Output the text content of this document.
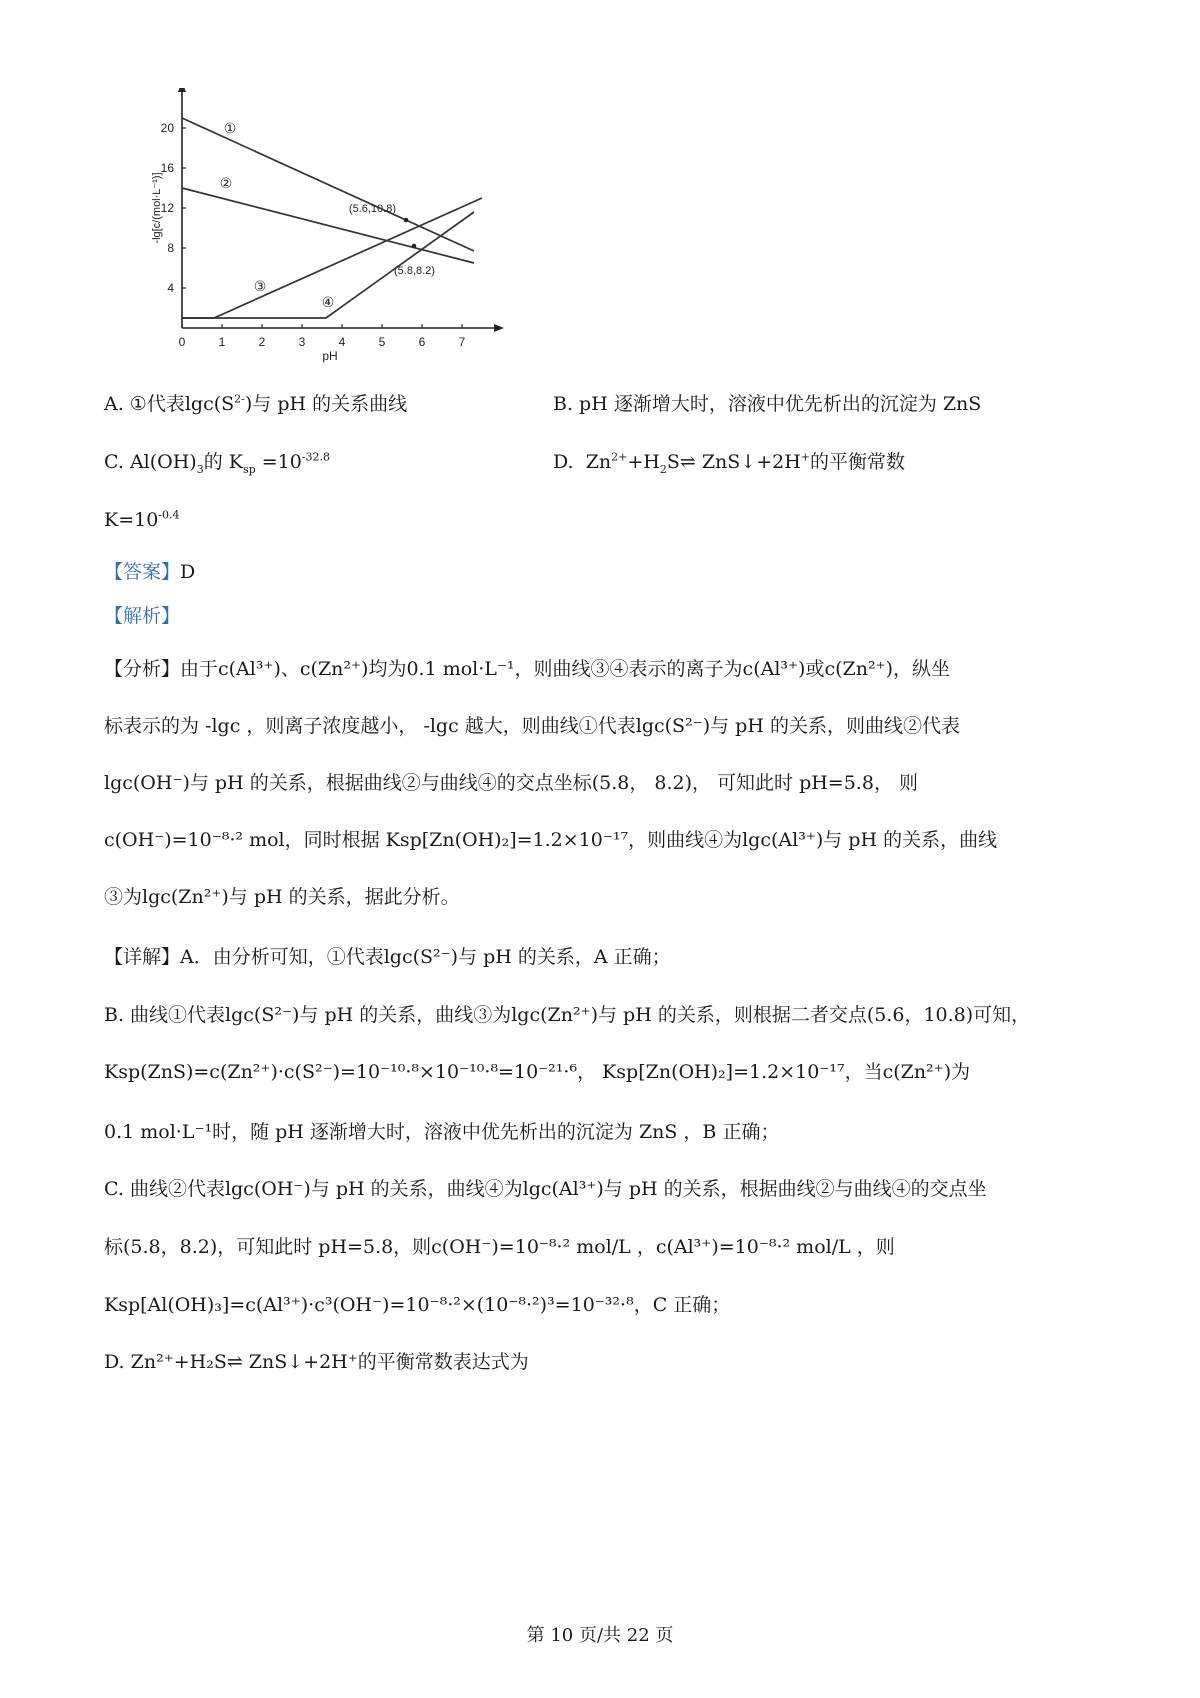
0	1	2	3	4	5	6	7
4
8
12
16
20
pH
-lg[c/(mol·L⁻¹)]
①
②
③
④
(5.6,10.8)
(5.8,8.2)
A. ①代表$\lg c(S^{2-})$与 pH 的关系曲线	B. pH 逐渐增大时，溶液中优先析出的沉淀为 ZnS
C. $Al(OH)_3$的 $K_{sp} =10^{-32.8}$	D.  $Zn^{2+}+H_2S\rightleftharpoons$ ZnS↓+2H+的平衡常数
$K=10^{-0.4}$
【答案】D
【解析】
【分析】由于c(Al³⁺)、c(Zn²⁺)均为0.1 mol·L⁻¹，则曲线③④表示的离子为c(Al³⁺)或c(Zn²⁺)，纵坐
标表示的为 -lgc ，则离子浓度越小， -lgc 越大，则曲线①代表lgc(S²⁻)与 pH 的关系，则曲线②代表
lgc(OH⁻)与 pH 的关系，根据曲线②与曲线④的交点坐标(5.8， 8.2)， 可知此时 pH=5.8， 则
c(OH⁻)=10⁻⁸·² mol，同时根据 Ksp[Zn(OH)₂]=1.2×10⁻¹⁷，则曲线④为lgc(Al³⁺)与 pH 的关系，曲线
③为lgc(Zn²⁺)与 pH 的关系，据此分析。
【详解】A．由分析可知，①代表lgc(S²⁻)与 pH 的关系，A 正确；
B. 曲线①代表lgc(S²⁻)与 pH 的关系，曲线③为lgc(Zn²⁺)与 pH 的关系，则根据二者交点(5.6，10.8)可知，
Ksp(ZnS)=c(Zn²⁺)·c(S²⁻)=10⁻¹⁰·⁸×10⁻¹⁰·⁸=10⁻²¹·⁶， Ksp[Zn(OH)₂]=1.2×10⁻¹⁷，当c(Zn²⁺)为
0.1 mol·L⁻¹时，随 pH 逐渐增大时，溶液中优先析出的沉淀为 ZnS ，B 正确；
C. 曲线②代表lgc(OH⁻)与 pH 的关系，曲线④为lgc(Al³⁺)与 pH 的关系，根据曲线②与曲线④的交点坐
标(5.8，8.2)，可知此时 pH=5.8，则c(OH⁻)=10⁻⁸·² mol/L ，c(Al³⁺)=10⁻⁸·² mol/L ，则
Ksp[Al(OH)₃]=c(Al³⁺)·c³(OH⁻)=10⁻⁸·²×(10⁻⁸·²)³=10⁻³²·⁸，C 正确；
D. Zn²⁺+H₂S⇌ ZnS↓+2H⁺的平衡常数表达式为
第 10 页/共 22 页
